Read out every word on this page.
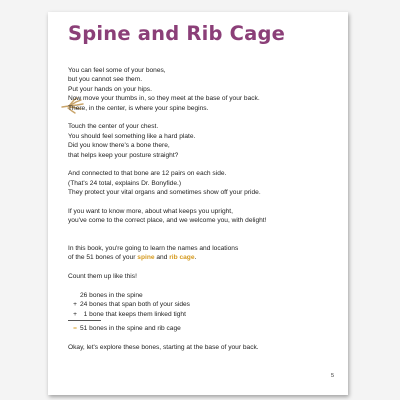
Spine and Rib Cage

You can feel some of your bones,
but you cannot see them.
Put your hands on your hips.
Now move your thumbs in, so they meet at the base of your back.
There, in the center, is where your spine begins.

Touch the center of your chest.
You should feel something like a hard plate.
Did you know there's a bone there,
that helps keep your posture straight?

And connected to that bone are 12 pairs on each side.
(That's 24 total, explains Dr. Bonyfide.)
They protect your vital organs and sometimes show off your pride.

If you want to know more, about what keeps you upright,
you've come to the correct place, and we welcome you, with delight!

In this book, you're going to learn the names and locations
of the 51 bones of your spine and rib cage.

Count them up like this!

26 bones in the spine
+ 24 bones that span both of your sides
+ 1 bone that keeps them linked tight
= 51 bones in the spine and rib cage

Okay, let's explore these bones, starting at the base of your back.

5
